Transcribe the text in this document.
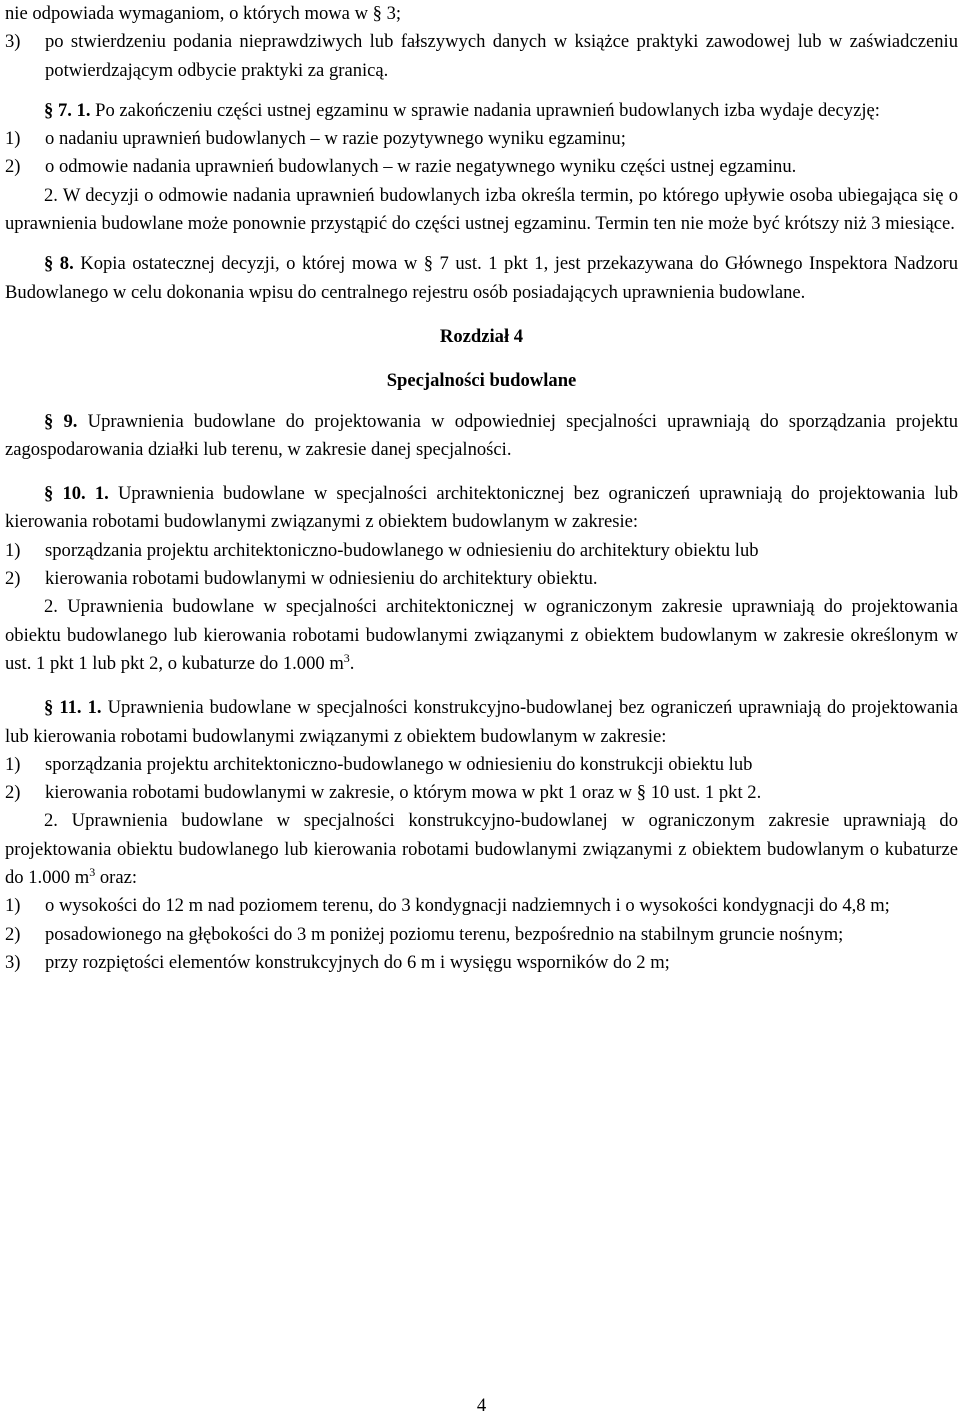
nie odpowiada wymaganiom, o których mowa w § 3;

3) po stwierdzeniu podania nieprawdziwych lub fałszywych danych w książce praktyki zawodowej lub w zaświadczeniu potwierdzającym odbycie praktyki za granicą.

§ 7. 1. Po zakończeniu części ustnej egzaminu w sprawie nadania uprawnień budowlanych izba wydaje decyzję:

1) o nadaniu uprawnień budowlanych – w razie pozytywnego wyniku egzaminu;

2) o odmowie nadania uprawnień budowlanych – w razie negatywnego wyniku części ustnej egzaminu.

2. W decyzji o odmowie nadania uprawnień budowlanych izba określa termin, po którego upływie osoba ubiegająca się o uprawnienia budowlane może ponownie przystąpić do części ustnej egzaminu. Termin ten nie może być krótszy niż 3 miesiące.

§ 8. Kopia ostatecznej decyzji, o której mowa w § 7 ust. 1 pkt 1, jest przekazywana do Głównego Inspektora Nadzoru Budowlanego w celu dokonania wpisu do centralnego rejestru osób posiadających uprawnienia budowlane.

Rozdział 4

Specjalności budowlane

§ 9. Uprawnienia budowlane do projektowania w odpowiedniej specjalności uprawniają do sporządzania projektu zagospodarowania działki lub terenu, w zakresie danej specjalności.

§ 10. 1. Uprawnienia budowlane w specjalności architektonicznej bez ograniczeń uprawniają do projektowania lub kierowania robotami budowlanymi związanymi z obiektem budowlanym w zakresie:

1) sporządzania projektu architektoniczno-budowlanego w odniesieniu do architektury obiektu lub

2) kierowania robotami budowlanymi w odniesieniu do architektury obiektu.

2. Uprawnienia budowlane w specjalności architektonicznej w ograniczonym zakresie uprawniają do projektowania obiektu budowlanego lub kierowania robotami budowlanymi związanymi z obiektem budowlanym w zakresie określonym w ust. 1 pkt 1 lub pkt 2, o kubaturze do 1.000 $m^3$.

§ 11. 1. Uprawnienia budowlane w specjalności konstrukcyjno-budowlanej bez ograniczeń uprawniają do projektowania lub kierowania robotami budowlanymi związanymi z obiektem budowlanym w zakresie:

1) sporządzania projektu architektoniczno-budowlanego w odniesieniu do konstrukcji obiektu lub

2) kierowania robotami budowlanymi w zakresie, o którym mowa w pkt 1 oraz w § 10 ust. 1 pkt 2.

2. Uprawnienia budowlane w specjalności konstrukcyjno-budowlanej w ograniczonym zakresie uprawniają do projektowania obiektu budowlanego lub kierowania robotami budowlanymi związanymi z obiektem budowlanym o kubaturze do 1.000 $m^3$ oraz:

1) o wysokości do 12 m nad poziomem terenu, do 3 kondygnacji nadziemnych i o wysokości kondygnacji do 4,8 m;

2) posadowionego na głębokości do 3 m poniżej poziomu terenu, bezpośrednio na stabilnym gruncie nośnym;

3) przy rozpiętości elementów konstrukcyjnych do 6 m i wysięgu wsporników do 2 m;

4
